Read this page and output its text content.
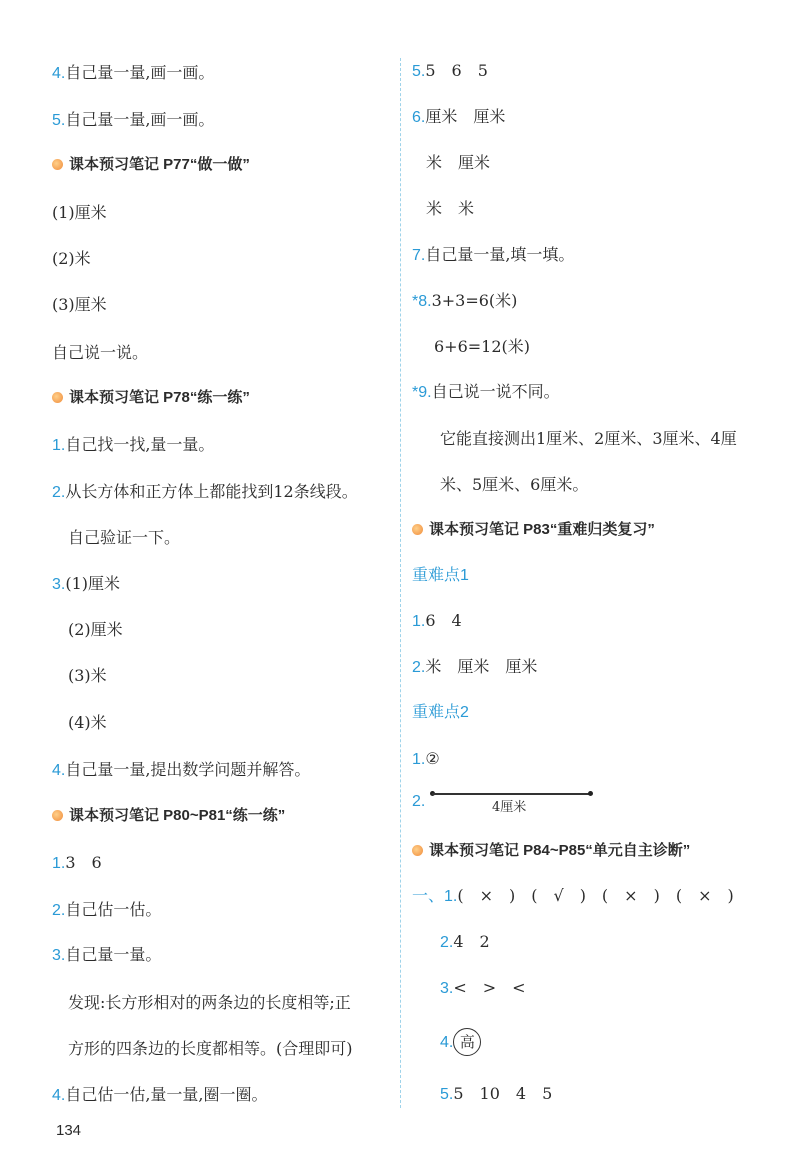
4.自己量一量,画一画。
5.自己量一量,画一画。
课本预习笔记 P77“做一做”
(1)厘米
(2)米
(3)厘米
自己说一说。
课本预习笔记 P78“练一练”
1.自己找一找,量一量。
2.从长方体和正方体上都能找到12条线段。
自己验证一下。
3.(1)厘米
(2)厘米
(3)米
(4)米
4.自己量一量,提出数学问题并解答。
课本预习笔记 P80~P81“练一练”
1.3　6
2.自己估一估。
3.自己量一量。
发现:长方形相对的两条边的长度相等;正
方形的四条边的长度都相等。(合理即可)
4.自己估一估,量一量,圈一圈。
5.5　6　5
6.厘米　厘米
米　厘米
米　米
7.自己量一量,填一填。
*8.3+3=6(米)
6+6=12(米)
*9.自己说一说不同。
它能直接测出1厘米、2厘米、3厘米、4厘
米、5厘米、6厘米。
课本预习笔记 P83“重难归类复习”
重难点1
1.6　4
2.米　厘米　厘米
重难点2
1.②
2.	4厘米
课本预习笔记 P84~P85“单元自主诊断”
一、1.(　×　)　(　√　)　(　×　)　(　×　)
2.4　2
3.<　>　<
4. 高
5.5　10　4　5
134
